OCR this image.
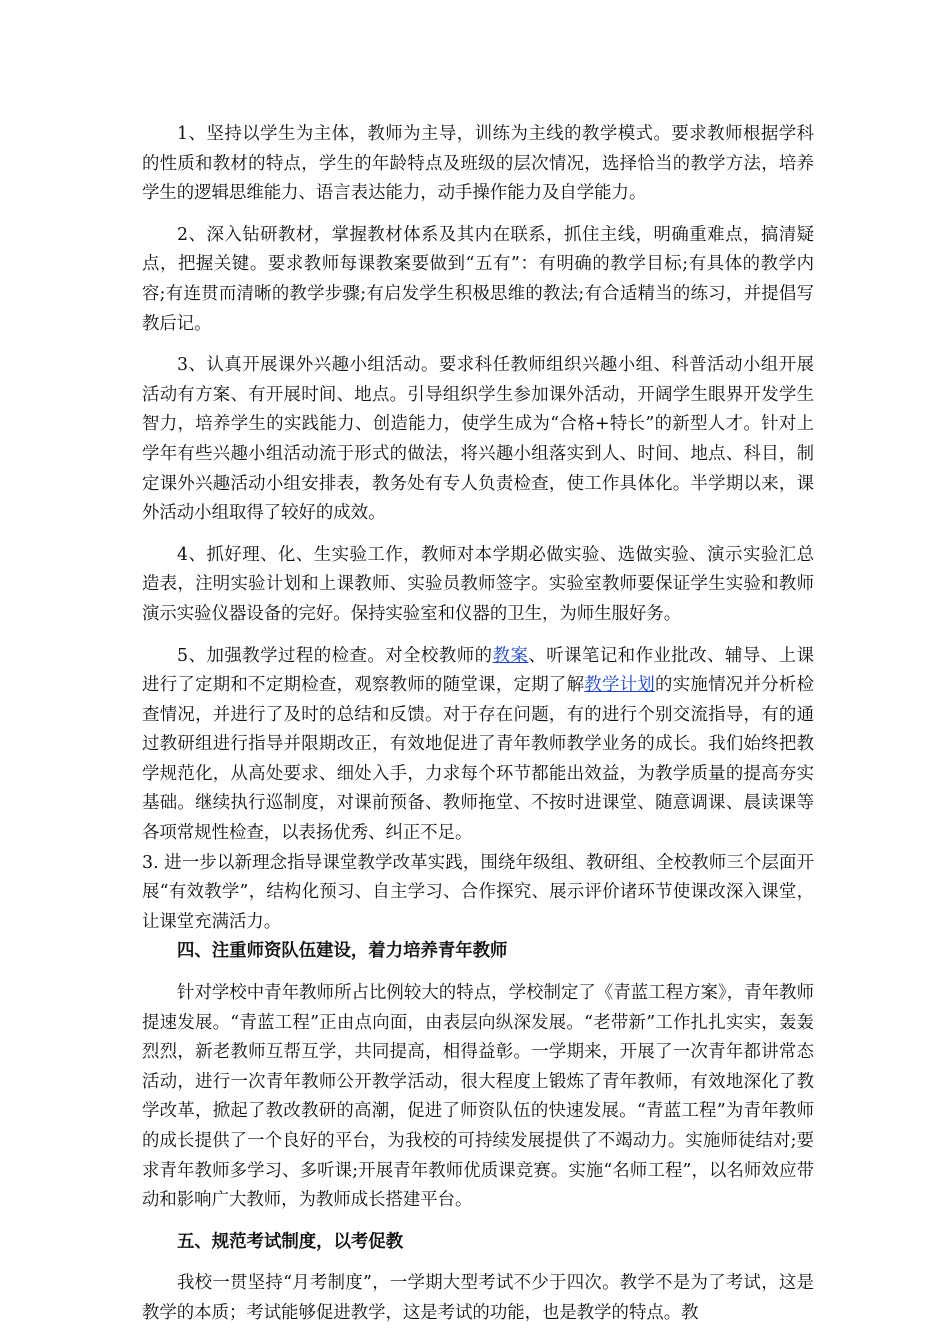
1、坚持以学生为主体，教师为主导，训练为主线的教学模式。要求教师根据学科的性质和教材的特点，学生的年龄特点及班级的层次情况，选择恰当的教学方法，培养学生的逻辑思维能力、语言表达能力，动手操作能力及自学能力。

2、深入钻研教材，掌握教材体系及其内在联系，抓住主线，明确重难点，搞清疑点，把握关键。要求教师每课教案要做到“五有”：有明确的教学目标;有具体的教学内容;有连贯而清晰的教学步骤;有启发学生积极思维的教法;有合适精当的练习，并提倡写教后记。

3、认真开展课外兴趣小组活动。要求科任教师组织兴趣小组、科普活动小组开展活动有方案、有开展时间、地点。引导组织学生参加课外活动，开阔学生眼界开发学生智力，培养学生的实践能力、创造能力，使学生成为“合格+特长”的新型人才。针对上学年有些兴趣小组活动流于形式的做法，将兴趣小组落实到人、时间、地点、科目，制定课外兴趣活动小组安排表，教务处有专人负责检查，使工作具体化。半学期以来，课外活动小组取得了较好的成效。

4、抓好理、化、生实验工作，教师对本学期必做实验、选做实验、演示实验汇总造表，注明实验计划和上课教师、实验员教师签字。实验室教师要保证学生实验和教师演示实验仪器设备的完好。保持实验室和仪器的卫生，为师生服好务。

5、加强教学过程的检查。对全校教师的教案、听课笔记和作业批改、辅导、上课进行了定期和不定期检查，观察教师的随堂课，定期了解教学计划的实施情况并分析检查情况，并进行了及时的总结和反馈。对于存在问题，有的进行个别交流指导，有的通过教研组进行指导并限期改正，有效地促进了青年教师教学业务的成长。我们始终把教学规范化，从高处要求、细处入手，力求每个环节都能出效益，为教学质量的提高夯实基础。继续执行巡制度，对课前预备、教师拖堂、不按时进课堂、随意调课、晨读课等各项常规性检查，以表扬优秀、纠正不足。

3. 进一步以新理念指导课堂教学改革实践，围绕年级组、教研组、全校教师三个层面开展“有效教学”，结构化预习、自主学习、合作探究、展示评价诸环节使课改深入课堂，让课堂充满活力。

四、注重师资队伍建设，着力培养青年教师

针对学校中青年教师所占比例较大的特点，学校制定了《青蓝工程方案》，青年教师提速发展。“青蓝工程”正由点向面，由表层向纵深发展。“老带新”工作扎扎实实，轰轰烈烈，新老教师互帮互学，共同提高，相得益彰。一学期来，开展了一次青年都讲常态活动，进行一次青年教师公开教学活动，很大程度上锻炼了青年教师，有效地深化了教学改革，掀起了教改教研的高潮，促进了师资队伍的快速发展。“青蓝工程”为青年教师的成长提供了一个良好的平台，为我校的可持续发展提供了不竭动力。实施师徒结对;要求青年教师多学习、多听课;开展青年教师优质课竞赛。实施“名师工程”，以名师效应带动和影响广大教师，为教师成长搭建平台。

五、规范考试制度，以考促教

我校一贯坚持“月考制度”，一学期大型考试不少于四次。教学不是为了考试，这是教学的本质；考试能够促进教学，这是考试的功能，也是教学的特点。教
